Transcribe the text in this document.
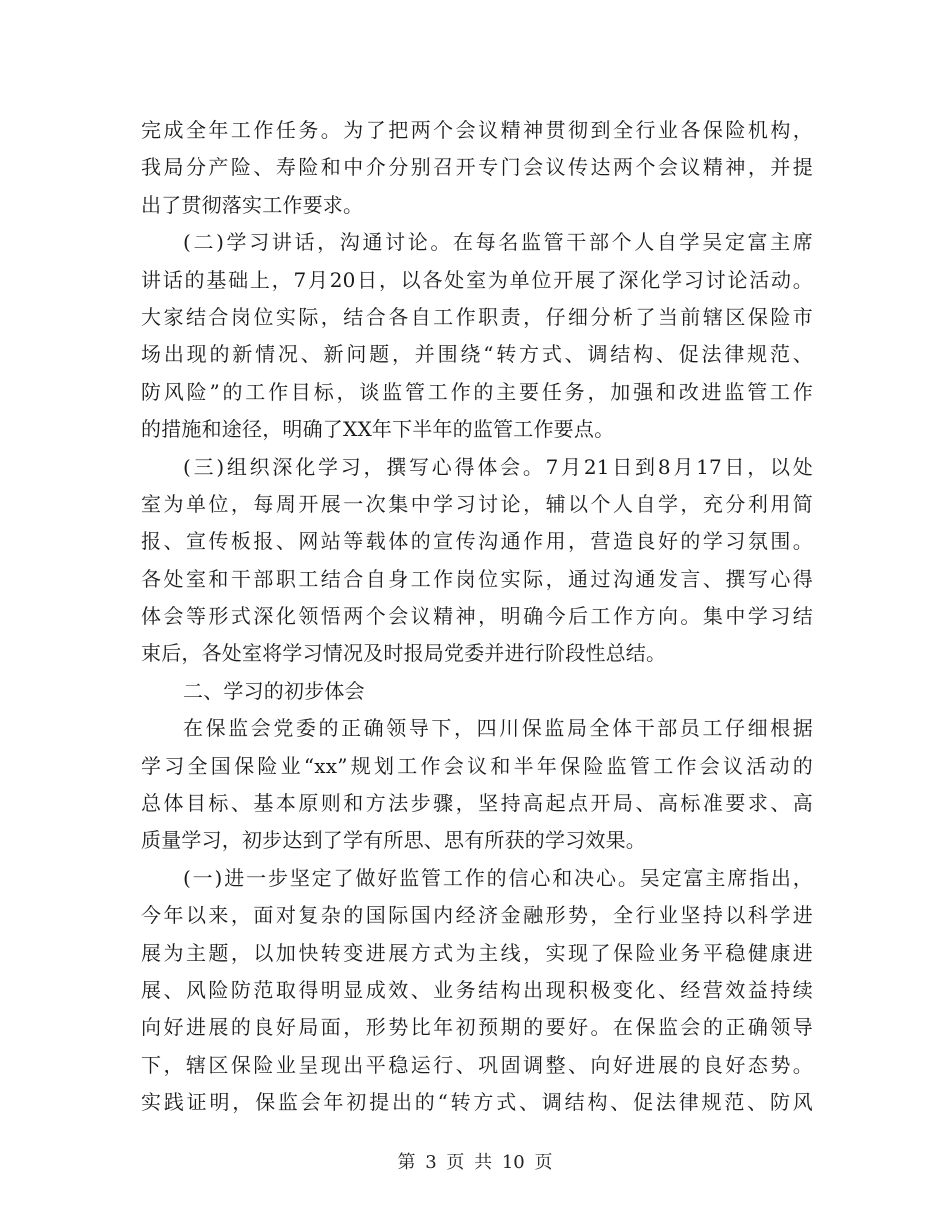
完成全年工作任务。为了把两个会议精神贯彻到全行业各保险机构，
我局分产险、寿险和中介分别召开专门会议传达两个会议精神，并提
出了贯彻落实工作要求。
(二)学习讲话，沟通讨论。在每名监管干部个人自学吴定富主席
讲话的基础上，7月20日，以各处室为单位开展了深化学习讨论活动。
大家结合岗位实际，结合各自工作职责，仔细分析了当前辖区保险市
场出现的新情况、新问题，并围绕“转方式、调结构、促法律规范、
防风险”的工作目标，谈监管工作的主要任务，加强和改进监管工作
的措施和途径，明确了XX年下半年的监管工作要点。
(三)组织深化学习，撰写心得体会。7月21日到8月17日，以处
室为单位，每周开展一次集中学习讨论，辅以个人自学，充分利用简
报、宣传板报、网站等载体的宣传沟通作用，营造良好的学习氛围。
各处室和干部职工结合自身工作岗位实际，通过沟通发言、撰写心得
体会等形式深化领悟两个会议精神，明确今后工作方向。集中学习结
束后，各处室将学习情况及时报局党委并进行阶段性总结。
二、学习的初步体会
在保监会党委的正确领导下，四川保监局全体干部员工仔细根据
学习全国保险业“xx”规划工作会议和半年保险监管工作会议活动的
总体目标、基本原则和方法步骤，坚持高起点开局、高标准要求、高
质量学习，初步达到了学有所思、思有所获的学习效果。
(一)进一步坚定了做好监管工作的信心和决心。吴定富主席指出，
今年以来，面对复杂的国际国内经济金融形势，全行业坚持以科学进
展为主题，以加快转变进展方式为主线，实现了保险业务平稳健康进
展、风险防范取得明显成效、业务结构出现积极变化、经营效益持续
向好进展的良好局面，形势比年初预期的要好。在保监会的正确领导
下，辖区保险业呈现出平稳运行、巩固调整、向好进展的良好态势。
实践证明，保监会年初提出的“转方式、调结构、促法律规范、防风
第 3 页 共 10 页
